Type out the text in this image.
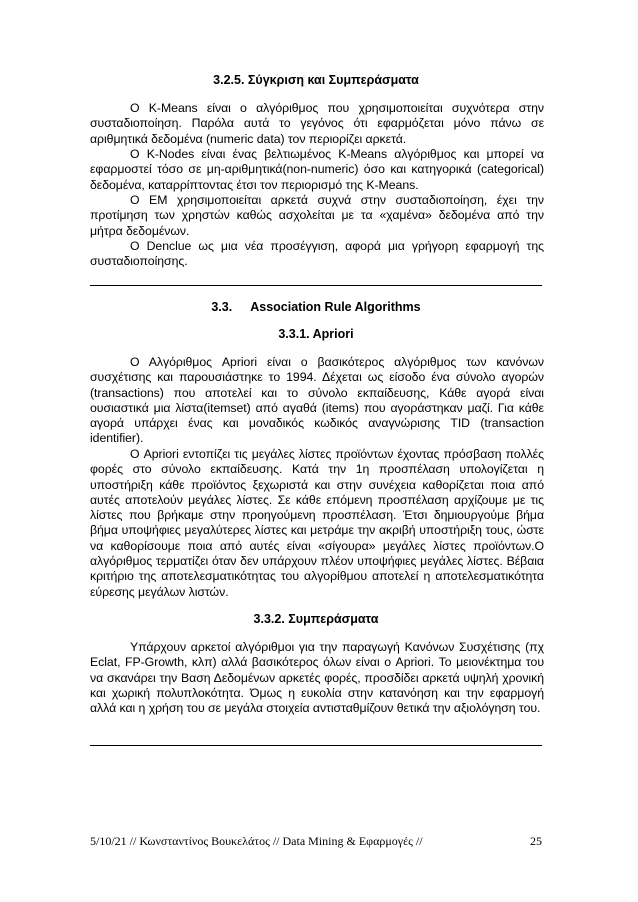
3.2.5. Σύγκριση και Συμπεράσματα

Ο K-Means είναι ο αλγόριθμος που χρησιμοποιείται συχνότερα στην συσταδιοποίηση. Παρόλα αυτά το γεγόνος ότι εφαρμόζεται μόνο πάνω σε αριθμητικά δεδομένα (numeric data) τον περιορίζει αρκετά.

Ο K-Nodes είναι ένας βελτιωμένος K-Means αλγόριθμος και μπορεί να εφαρμοστεί τόσο σε μη-αριθμητικά(non-numeric) όσο και κατηγορικά (categorical) δεδομένα, καταρρίπτοντας έτσι τον περιορισμό της K-Means.

Ο EM χρησιμοποιείται αρκετά συχνά στην συσταδιοποίηση, έχει την προτίμηση των χρηστών καθώς ασχολείται με τα «χαμένα» δεδομένα από την μήτρα δεδομένων.

Ο Denclue ως μια νέα προσέγγιση, αφορά μια γρήγορη εφαρμογή της συσταδιοποίησης.

3.3. Association Rule Algorithms
3.3.1. Apriori

Ο Αλγόριθμος Apriori είναι ο βασικότερος αλγόριθμος των κανόνων συσχέτισης και παρουσιάστηκε το 1994. Δέχεται ως είσοδο ένα σύνολο αγορών (transactions) που αποτελεί και το σύνολο εκπαίδευσης, Κάθε αγορά είναι ουσιαστικά μια λίστα(itemset) από αγαθά (items) που αγοράστηκαν μαζί. Για κάθε αγορά υπάρχει ένας και μοναδικός κωδικός αναγνώρισης TID (transaction identifier).

Ο Apriori εντοπίζει τις μεγάλες λίστες προϊόντων έχοντας πρόσβαση πολλές φορές στο σύνολο εκπαίδευσης. Κατά την 1η προσπέλαση υπολογίζεται η υποστήριξη κάθε προϊόντος ξεχωριστά και στην συνέχεια καθορίζεται ποια από αυτές αποτελούν μεγάλες λίστες. Σε κάθε επόμενη προσπέλαση αρχίζουμε με τις λίστες που βρήκαμε στην προηγούμενη προσπέλαση. Έτσι δημιουργούμε βήμα βήμα υποψήφιες μεγαλύτερες λίστες και μετράμε την ακριβή υποστήριξη τους, ώστε να καθορίσουμε ποια από αυτές είναι «σίγουρα» μεγάλες λίστες προϊόντων.Ο αλγόριθμος τερματίζει όταν δεν υπάρχουν πλέον υποψήφιες μεγάλες λίστες. Βέβαια κριτήριο της αποτελεσματικότητας του αλγορίθμου αποτελεί η αποτελεσματικότητα εύρεσης μεγάλων λιστών.

3.3.2. Συμπεράσματα

Υπάρχουν αρκετοί αλγόριθμοι για την παραγωγή Κανόνων Συσχέτισης (πχ Eclat, FP-Growth, κλπ) αλλά βασικότερος όλων είναι ο Apriori. Το μειονέκτημα του να σκανάρει την Βαση Δεδομένων αρκετές φορές, προσδίδει αρκετά υψηλή χρονική και χωρική πολυπλοκότητα. Όμως η ευκολία στην κατανόηση και την εφαρμογή αλλά και η χρήση του σε μεγάλα στοιχεία αντισταθμίζουν θετικά την αξιολόγηση του.

5/10/21 // Κωνσταντίνος Βουκελάτος // Data Mining & Εφαρμογές //	25
